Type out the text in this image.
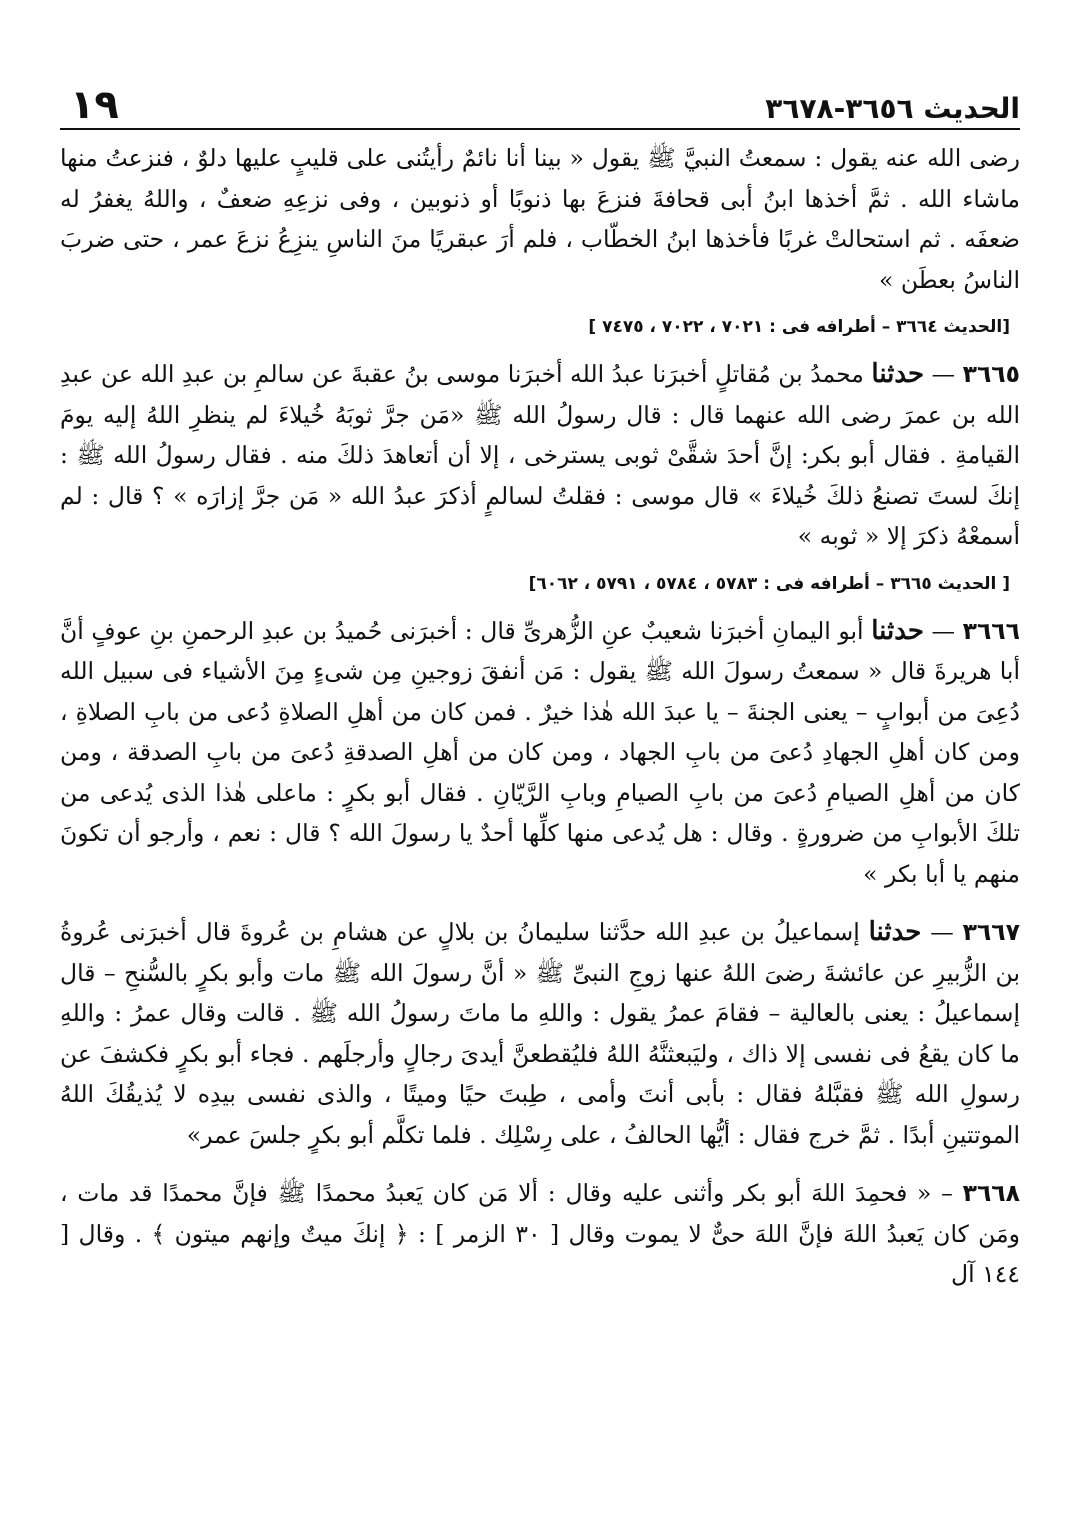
الحديث ٣٦٥٦-٣٦٧٨
١٩

رضى الله عنه يقول : سمعتُ النبيَّ ﷺ يقول « بينا أنا نائمٌ رأيتُنى على قليبٍ عليها دلوٌ ، فنزعتُ منها ماشاء الله . ثمَّ أخذها ابنُ أبى قحافةَ فنزعَ بها ذنوبًا أو ذنوبين ، وفى نزعِهِ ضعفٌ ، واللهُ يغفرُ له ضعفَه . ثم استحالتْ غربًا فأخذها ابنُ الخطّاب ، فلم أرَ عبقريًا منَ الناسِ ينزِعُ نزعَ عمر ، حتى ضربَ الناسُ بعطَن »

[الحديث ٣٦٦٤ – أطرافه فى : ٧٠٢١ ، ٧٠٢٢ ، ٧٤٧٥ ]

٣٦٦٥ — حدثنا محمدُ بن مُقاتلٍ أخبرَنا عبدُ الله أخبرَنا موسى بنُ عقبةَ عن سالمِ بن عبدِ الله عن عبدِ الله بن عمرَ رضى الله عنهما قال : قال رسولُ الله ﷺ «مَن جرَّ ثوبَهُ خُيلاءَ لم ينظرِ اللهُ إليه يومَ القيامةِ . فقال أبو بكر: إنَّ أحدَ شقَّىْ ثوبى يسترخى ، إلا أن أتعاهدَ ذلكَ منه . فقال رسولُ الله ﷺ : إنكَ لستَ تصنعُ ذلكَ خُيلاءَ » قال موسى : فقلتُ لسالمٍ أذكرَ عبدُ الله « مَن جرَّ إزارَه » ؟ قال : لم أسمعْهُ ذكرَ إلا « ثوبه »

[ الحديث ٣٦٦٥ – أطرافه فى : ٥٧٨٣ ، ٥٧٨٤ ، ٥٧٩١ ، ٦٠٦٢]

٣٦٦٦ — حدثنا أبو اليمانِ أخبرَنا شعيبٌ عنِ الزُّهرىِّ قال : أخبرَنى حُميدُ بن عبدِ الرحمنِ بنِ عوفٍ أنَّ أبا هريرةَ قال « سمعتُ رسولَ الله ﷺ يقول : مَن أنفقَ زوجينِ مِن شىءٍ مِنَ الأشياء فى سبيل الله دُعِىَ من أبوابٍ – يعنى الجنةَ – يا عبدَ الله هٰذا خيرٌ . فمن كان من أهلِ الصلاةِ دُعى من بابِ الصلاةِ ، ومن كان أهلِ الجهادِ دُعىَ من بابِ الجهاد ، ومن كان من أهلِ الصدقةِ دُعىَ من بابِ الصدقة ، ومن كان من أهلِ الصيامِ دُعىَ من بابِ الصيامِ وبابِ الرَّيّانِ . فقال أبو بكرٍ : ماعلى هٰذا الذى يُدعى من تلكَ الأبوابِ من ضرورةٍ . وقال : هل يُدعى منها كلِّها أحدٌ يا رسولَ الله ؟ قال : نعم ، وأرجو أن تكونَ منهم يا أبا بكر »

٣٦٦٧ — حدثنا إسماعيلُ بن عبدِ الله حدَّثنا سليمانُ بن بلالٍ عن هشامِ بن عُروةَ قال أخبرَنى عُروةُ بن الزُّبيرِ عن عائشةَ رضىَ اللهُ عنها زوجِ النبىِّ ﷺ « أنَّ رسولَ الله ﷺ مات وأبو بكرٍ بالسُّنحِ – قال إسماعيلُ : يعنى بالعالية – فقامَ عمرُ يقول : واللهِ ما ماتَ رسولُ الله ﷺ . قالت وقال عمرُ : واللهِ ما كان يقعُ فى نفسى إلا ذاك ، وليَبعثنَّهُ اللهُ فليُقطعنَّ أيدىَ رجالٍ وأرجلَهم . فجاء أبو بكرٍ فكشفَ عن رسولِ الله ﷺ فقبَّلهُ فقال : بأبى أنتَ وأمى ، طِبتَ حيًا وميتًا ، والذى نفسى بيدِه لا يُذيقُكَ اللهُ الموتتينِ أبدًا . ثمَّ خرج فقال : أيُّها الحالفُ ، على رِسْلِك . فلما تكلَّم أبو بكرٍ جلسَ عمر»

٣٦٦٨ – « فحمِدَ اللهَ أبو بكر وأثنى عليه وقال : ألا مَن كان يَعبدُ محمدًا ﷺ فإنَّ محمدًا قد مات ، ومَن كان يَعبدُ اللهَ فإنَّ اللهَ حىٌّ لا يموت وقال [ ٣٠ الزمر ] : ﴿ إنكَ ميتٌ وإنهم ميتون ﴾ . وقال [ ١٤٤ آل
